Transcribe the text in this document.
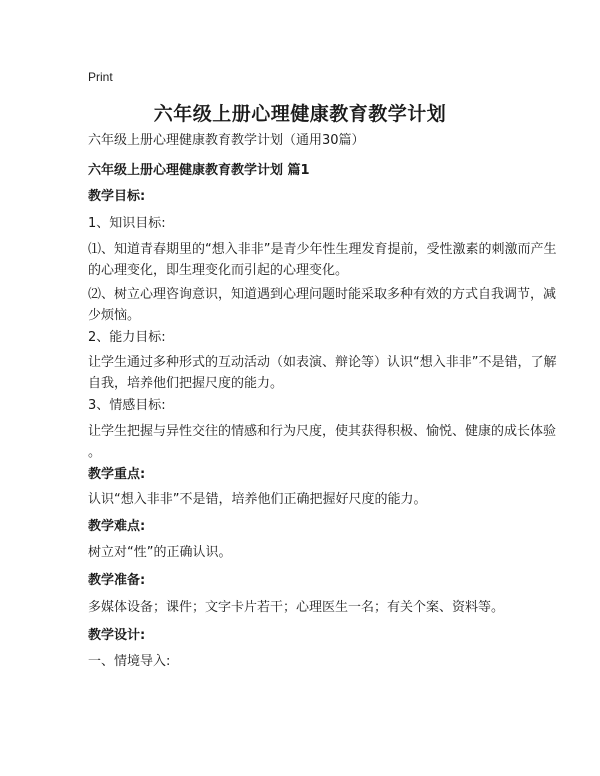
Print
六年级上册心理健康教育教学计划
六年级上册心理健康教育教学计划（通用30篇）
六年级上册心理健康教育教学计划 篇1
教学目标:
1、知识目标:
⑴、知道青春期里的“想入非非”是青少年性生理发育提前，受性激素的刺激而产生
的心理变化，即生理变化而引起的心理变化。
⑵、树立心理咨询意识，知道遇到心理问题时能采取多种有效的方式自我调节，减
少烦恼。
2、能力目标:
让学生通过多种形式的互动活动（如表演、辩论等）认识“想入非非”不是错，了解
自我，培养他们把握尺度的能力。
3、情感目标:
让学生把握与异性交往的情感和行为尺度，使其获得积极、愉悦、健康的成长体验
。
教学重点:
认识“想入非非”不是错，培养他们正确把握好尺度的能力。
教学难点:
树立对“性”的正确认识。
教学准备:
多媒体设备；课件；文字卡片若干；心理医生一名；有关个案、资料等。
教学设计:
一、情境导入:
